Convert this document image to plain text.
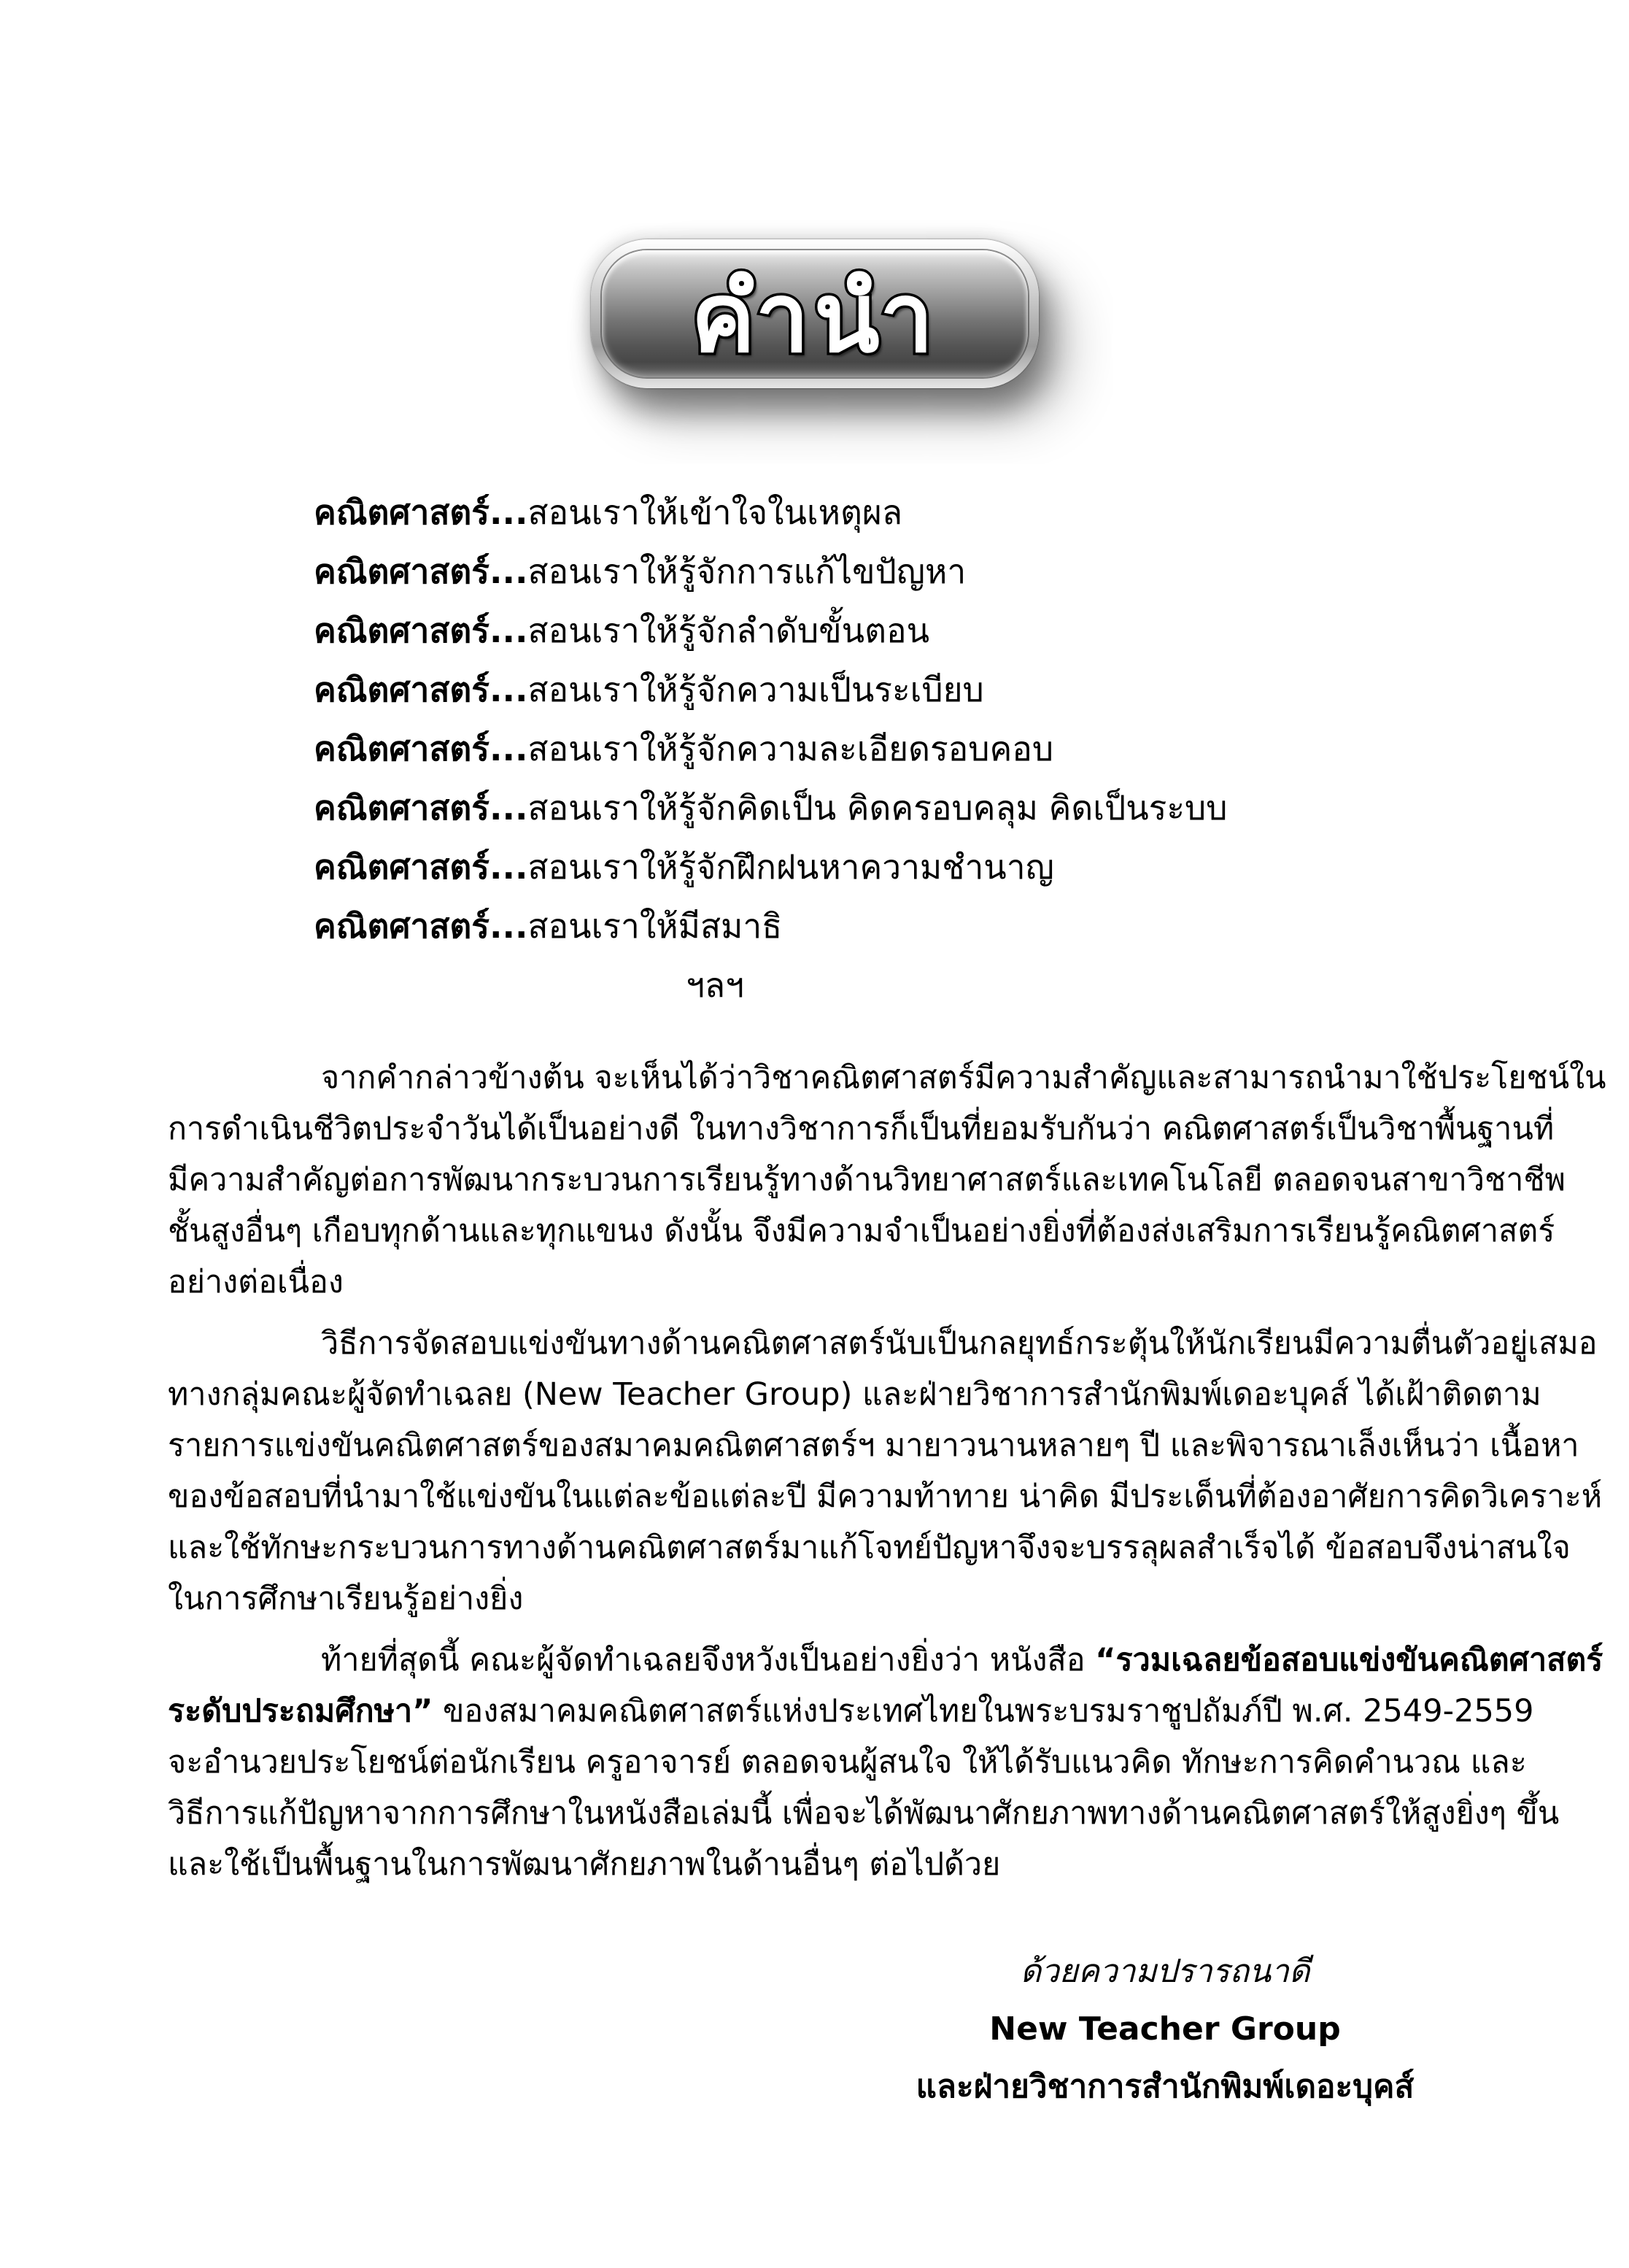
คำนำ
คณิตศาสตร์...สอนเราให้เข้าใจในเหตุผล
คณิตศาสตร์...สอนเราให้รู้จักการแก้ไขปัญหา
คณิตศาสตร์...สอนเราให้รู้จักลำดับขั้นตอน
คณิตศาสตร์...สอนเราให้รู้จักความเป็นระเบียบ
คณิตศาสตร์...สอนเราให้รู้จักความละเอียดรอบคอบ
คณิตศาสตร์...สอนเราให้รู้จักคิดเป็น คิดครอบคลุม คิดเป็นระบบ
คณิตศาสตร์...สอนเราให้รู้จักฝึกฝนหาความชำนาญ
คณิตศาสตร์...สอนเราให้มีสมาธิ
ฯลฯ
จากคำกล่าวข้างต้น จะเห็นได้ว่าวิชาคณิตศาสตร์มีความสำคัญและสามารถนำมาใช้ประโยชน์ใน
การดำเนินชีวิตประจำวันได้เป็นอย่างดี ในทางวิชาการก็เป็นที่ยอมรับกันว่า คณิตศาสตร์เป็นวิชาพื้นฐานที่
มีความสำคัญต่อการพัฒนากระบวนการเรียนรู้ทางด้านวิทยาศาสตร์และเทคโนโลยี ตลอดจนสาขาวิชาชีพ
ชั้นสูงอื่นๆ เกือบทุกด้านและทุกแขนง ดังนั้น จึงมีความจำเป็นอย่างยิ่งที่ต้องส่งเสริมการเรียนรู้คณิตศาสตร์
อย่างต่อเนื่อง
วิธีการจัดสอบแข่งขันทางด้านคณิตศาสตร์นับเป็นกลยุทธ์กระตุ้นให้นักเรียนมีความตื่นตัวอยู่เสมอ
ทางกลุ่มคณะผู้จัดทำเฉลย (New Teacher Group) และฝ่ายวิชาการสำนักพิมพ์เดอะบุคส์ ได้เฝ้าติดตาม
รายการแข่งขันคณิตศาสตร์ของสมาคมคณิตศาสตร์ฯ มายาวนานหลายๆ ปี และพิจารณาเล็งเห็นว่า เนื้อหา
ของข้อสอบที่นำมาใช้แข่งขันในแต่ละข้อแต่ละปี มีความท้าทาย น่าคิด มีประเด็นที่ต้องอาศัยการคิดวิเคราะห์
และใช้ทักษะกระบวนการทางด้านคณิตศาสตร์มาแก้โจทย์ปัญหาจึงจะบรรลุผลสำเร็จได้ ข้อสอบจึงน่าสนใจ
ในการศึกษาเรียนรู้อย่างยิ่ง
ท้ายที่สุดนี้ คณะผู้จัดทำเฉลยจึงหวังเป็นอย่างยิ่งว่า หนังสือ “รวมเฉลยข้อสอบแข่งขันคณิตศาสตร์
ระดับประถมศึกษา” ของสมาคมคณิตศาสตร์แห่งประเทศไทยในพระบรมราชูปถัมภ์ปี พ.ศ. 2549-2559
จะอำนวยประโยชน์ต่อนักเรียน ครูอาจารย์ ตลอดจนผู้สนใจ ให้ได้รับแนวคิด ทักษะการคิดคำนวณ และ
วิธีการแก้ปัญหาจากการศึกษาในหนังสือเล่มนี้ เพื่อจะได้พัฒนาศักยภาพทางด้านคณิตศาสตร์ให้สูงยิ่งๆ ขึ้น
และใช้เป็นพื้นฐานในการพัฒนาศักยภาพในด้านอื่นๆ ต่อไปด้วย
ด้วยความปรารถนาดี
New Teacher Group
และฝ่ายวิชาการสำนักพิมพ์เดอะบุคส์
